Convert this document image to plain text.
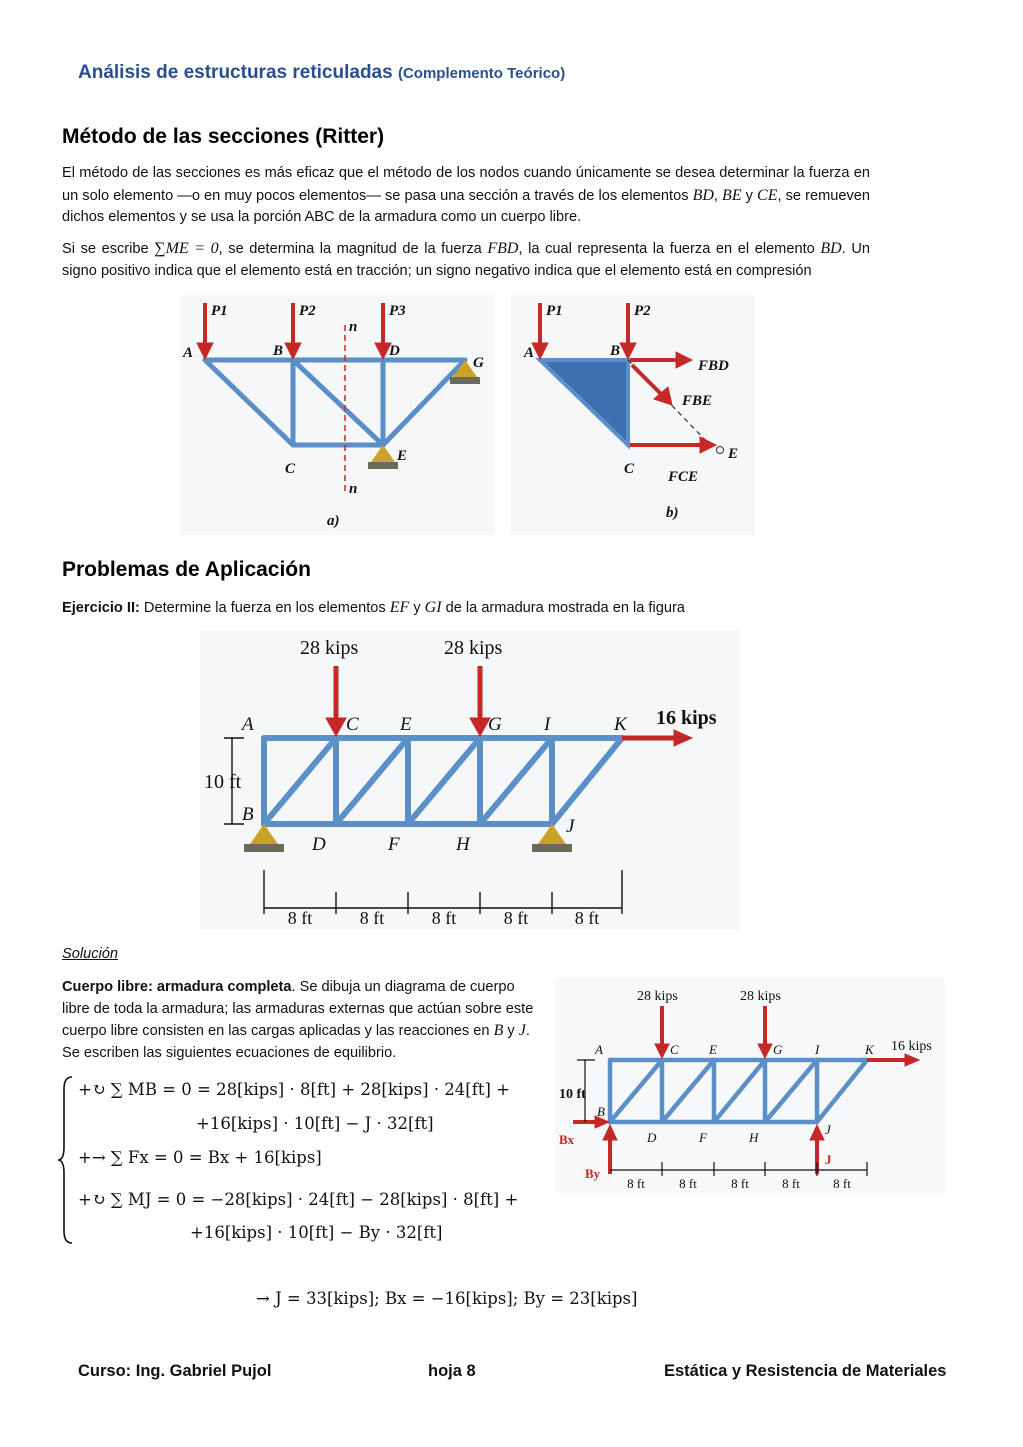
Análisis de estructuras reticuladas (Complemento Teórico)
Método de las secciones (Ritter)
El método de las secciones es más eficaz que el método de los nodos cuando únicamente se desea determinar la fuerza en un solo elemento —o en muy pocos elementos— se pasa una sección a través de los elementos BD, BE y CE, se remueven dichos elementos y se usa la porción ABC de la armadura como un cuerpo libre.
Si se escribe ∑ME = 0, se determina la magnitud de la fuerza FBD, la cual representa la fuerza en el elemento BD. Un signo positivo indica que el elemento está en tracción; un signo negativo indica que el elemento está en compresión
P1	P2	P3
A	B	D
G
C
E
n
n
a)
P1	P2
A	B
C
E
FBD
FBE
FCE
b)
Problemas de Aplicación
Ejercicio II: Determine la fuerza en los elementos EF y GI de la armadura mostrada en la figura
28 kips	28 kips
16 kips
10 ft
A	C E	G I	K
B
D	F	H
J
8 ft	8 ft	8 ft	8 ft	8 ft
Solución
Cuerpo libre: armadura completa. Se dibuja un diagrama de cuerpo libre de toda la armadura; las armaduras externas que actúan sobre este cuerpo libre consisten en las cargas aplicadas y las reacciones en B y J. Se escriben las siguientes ecuaciones de equilibrio.
+↻ ∑ MB = 0 = 28[kips] · 8[ft] + 28[kips] · 24[ft] +
+16[kips] · 10[ft] − J · 32[ft]
+→ ∑ Fx = 0 = Bx + 16[kips]
+↻ ∑ MJ = 0 = −28[kips] · 24[ft] − 28[kips] · 8[ft] +
+16[kips] · 10[ft] − By · 32[ft]
→ J = 33[kips]; Bx = −16[kips]; By = 23[kips]
28 kips	28 kips
16 kips
10 ft
A	C E	G	I	K
B
D	F	H
J
Bx
By
J
8 ft	8 ft	8 ft	8 ft	8 ft
Curso: Ing. Gabriel Pujol	hoja 8	Estática y Resistencia de Materiales
